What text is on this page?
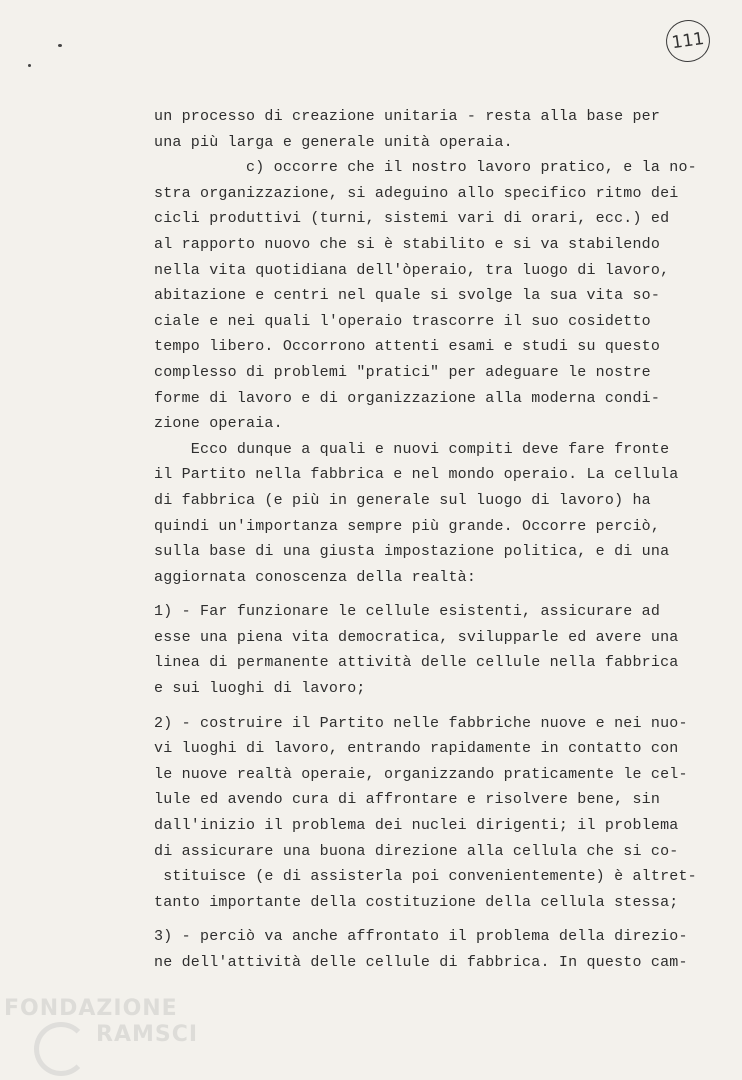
111
un processo di creazione unitaria - resta alla base per
una più larga e generale unità operaia.
c) occorre che il nostro lavoro pratico, e la no-
stra organizzazione, si adeguino allo specifico ritmo dei
cicli produttivi (turni, sistemi vari di orari, ecc.) ed
al rapporto nuovo che si è stabilito e si va stabilendo
nella vita quotidiana dell'òperaio, tra luogo di lavoro,
abitazione e centri nel quale si svolge la sua vita so-
ciale e nei quali l'operaio trascorre il suo cosidetto
tempo libero. Occorrono attenti esami e studi su questo
complesso di problemi "pratici" per adeguare le nostre
forme di lavoro e di organizzazione alla moderna condi-
zione operaia.
Ecco dunque a quali e nuovi compiti deve fare fronte
il Partito nella fabbrica e nel mondo operaio. La cellula
di fabbrica (e più in generale sul luogo di lavoro) ha
quindi un'importanza sempre più grande. Occorre perciò,
sulla base di una giusta impostazione politica, e di una
aggiornata conoscenza della realtà:
1) - Far funzionare le cellule esistenti, assicurare ad
esse una piena vita democratica, svilupparle ed avere una
linea di permanente attività delle cellule nella fabbrica
e sui luoghi di lavoro;
2) - costruire il Partito nelle fabbriche nuove e nei nuo-
vi luoghi di lavoro, entrando rapidamente in contatto con
le nuove realtà operaie, organizzando praticamente le cel-
lule ed avendo cura di affrontare e risolvere bene, sin
dall'inizio il problema dei nuclei dirigenti; il problema
di assicurare una buona direzione alla cellula che si co-
stituisce (e di assisterla poi convenientemente) è altret-
tanto importante della costituzione della cellula stessa;
3) - perciò va anche affrontato il problema della direzio-
ne dell'attività delle cellule di fabbrica. In questo cam-
FONDAZIONE
RAMSCI
